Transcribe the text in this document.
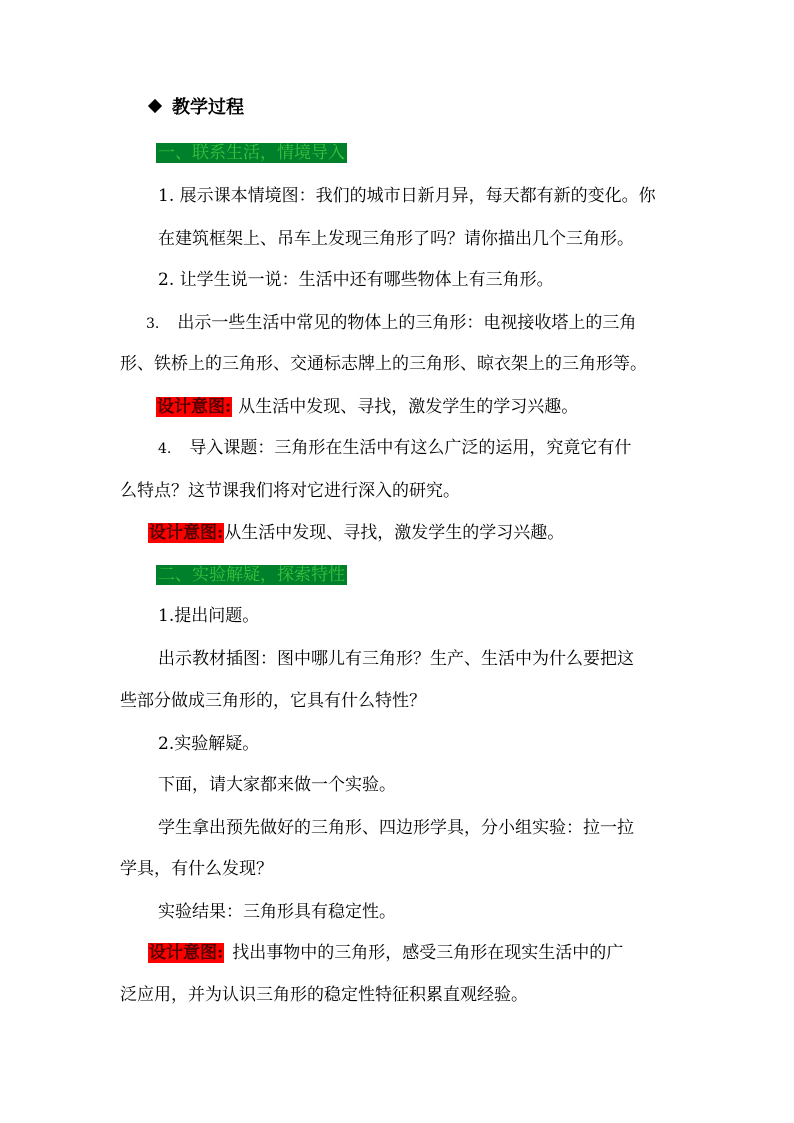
教学过程
一、联系生活，情境导入
1. 展示课本情境图：我们的城市日新月异，每天都有新的变化。你
在建筑框架上、吊车上发现三角形了吗？请你描出几个三角形。
2. 让学生说一说：生活中还有哪些物体上有三角形。
3. 出示一些生活中常见的物体上的三角形：电视接收塔上的三角
形、铁桥上的三角形、交通标志牌上的三角形、晾衣架上的三角形等。
设计意图: 从生活中发现、寻找，激发学生的学习兴趣。
4. 导入课题：三角形在生活中有这么广泛的运用，究竟它有什
么特点？这节课我们将对它进行深入的研究。
设计意图:从生活中发现、寻找，激发学生的学习兴趣。
二、实验解疑，探索特性
1.提出问题。
出示教材插图：图中哪儿有三角形？生产、生活中为什么要把这
些部分做成三角形的，它具有什么特性？
2.实验解疑。
下面，请大家都来做一个实验。
学生拿出预先做好的三角形、四边形学具，分小组实验：拉一拉
学具，有什么发现？
实验结果：三角形具有稳定性。
设计意图: 找出事物中的三角形，感受三角形在现实生活中的广
泛应用，并为认识三角形的稳定性特征积累直观经验。
